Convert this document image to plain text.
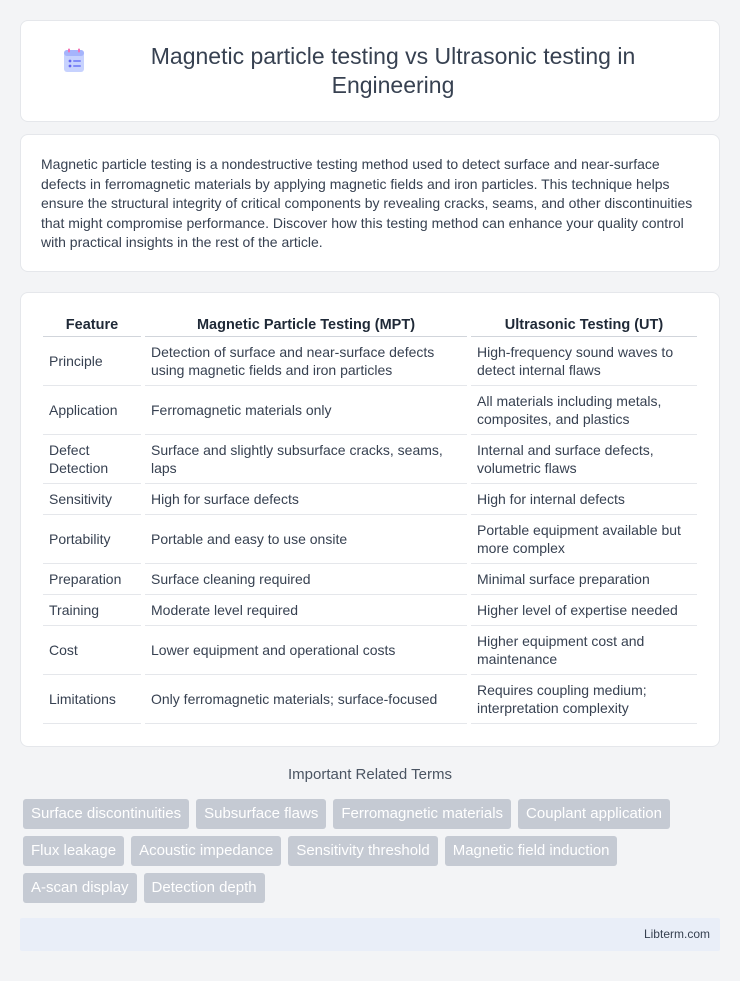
Magnetic particle testing vs Ultrasonic testing in Engineering

Magnetic particle testing is a nondestructive testing method used to detect surface and near-surface defects in ferromagnetic materials by applying magnetic fields and iron particles. This technique helps ensure the structural integrity of critical components by revealing cracks, seams, and other discontinuities that might compromise performance. Discover how this testing method can enhance your quality control with practical insights in the rest of the article.

Feature	Magnetic Particle Testing (MPT)	Ultrasonic Testing (UT)
Principle	Detection of surface and near-surface defects using magnetic fields and iron particles	High-frequency sound waves to detect internal flaws
Application	Ferromagnetic materials only	All materials including metals, composites, and plastics
Defect Detection	Surface and slightly subsurface cracks, seams, laps	Internal and surface defects, volumetric flaws
Sensitivity	High for surface defects	High for internal defects
Portability	Portable and easy to use onsite	Portable equipment available but more complex
Preparation	Surface cleaning required	Minimal surface preparation
Training	Moderate level required	Higher level of expertise needed
Cost	Lower equipment and operational costs	Higher equipment cost and maintenance
Limitations	Only ferromagnetic materials; surface-focused	Requires coupling medium; interpretation complexity
Important Related Terms
Surface discontinuities	Subsurface flaws	Ferromagnetic materials	Couplant application
Flux leakage	Acoustic impedance	Sensitivity threshold	Magnetic field induction
A-scan display	Detection depth
Libterm.com
